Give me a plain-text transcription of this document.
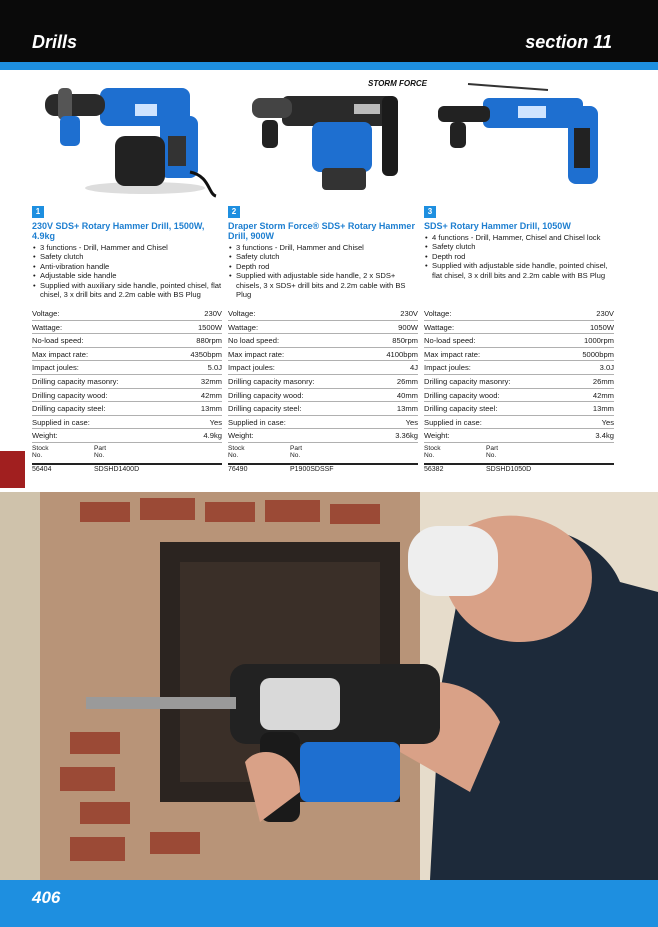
Drills	section 11
STORM FORCE
1
230V SDS+ Rotary Hammer Drill, 1500W, 4.9kg
• 3 functions - Drill, Hammer and Chisel
• Safety clutch
• Anti-vibration handle
• Adjustable side handle
• Supplied with auxiliary side handle, pointed chisel, flat chisel, 3 x drill bits and 2.2m cable with BS Plug
Voltage:	230V
Wattage:	1500W
No-load speed:	880rpm
Max impact rate:	4350bpm
Impact joules:	5.0J
Drilling capacity masonry:	32mm
Drilling capacity wood:	42mm
Drilling capacity steel:	13mm
Supplied in case:	Yes
Weight:	4.9kg
Stock
No.
Part
No.
56404	SDSHD1400D
2
Draper Storm Force® SDS+ Rotary Hammer Drill, 900W
• 3 functions - Drill, Hammer and Chisel
• Safety clutch
• Depth rod
• Supplied with adjustable side handle, 2 x SDS+ chisels, 3 x SDS+ drill bits and 2.2m cable with BS Plug
Voltage:	230V
Wattage:	900W
No load speed:	850rpm
Max impact rate:	4100bpm
Impact joules:	4J
Drilling capacity masonry:	26mm
Drilling capacity wood:	40mm
Drilling capacity steel:	13mm
Supplied in case:	Yes
Weight:	3.36kg
Stock
No.
Part
No.
76490	P1900SDSSF
3
SDS+ Rotary Hammer Drill, 1050W
• 4 functions - Drill, Hammer, Chisel and Chisel lock
• Safety clutch
• Depth rod
• Supplied with adjustable side handle, pointed chisel, flat chisel, 3 x drill bits and 2.2m cable with BS Plug
Voltage:	230V
Wattage:	1050W
No-load speed:	1000rpm
Max impact rate:	5000bpm
Impact joules:	3.0J
Drilling capacity masonry:	26mm
Drilling capacity wood:	42mm
Drilling capacity steel:	13mm
Supplied in case:	Yes
Weight:	3.4kg
Stock
No.
Part
No.
56382	SDSHD1050D
406
